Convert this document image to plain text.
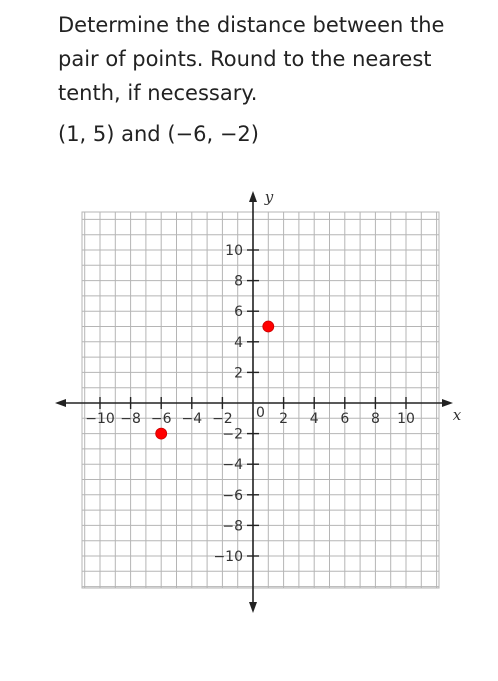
Determine the distance between the pair of points. Round to the nearest tenth, if necessary.

(1, 5) and (−6, −2)

−10 −8 −6 −4 −2	2 4 6 8 10
10
8
6
4
2
−2
−4
−6
−8
−10
0	x
y
